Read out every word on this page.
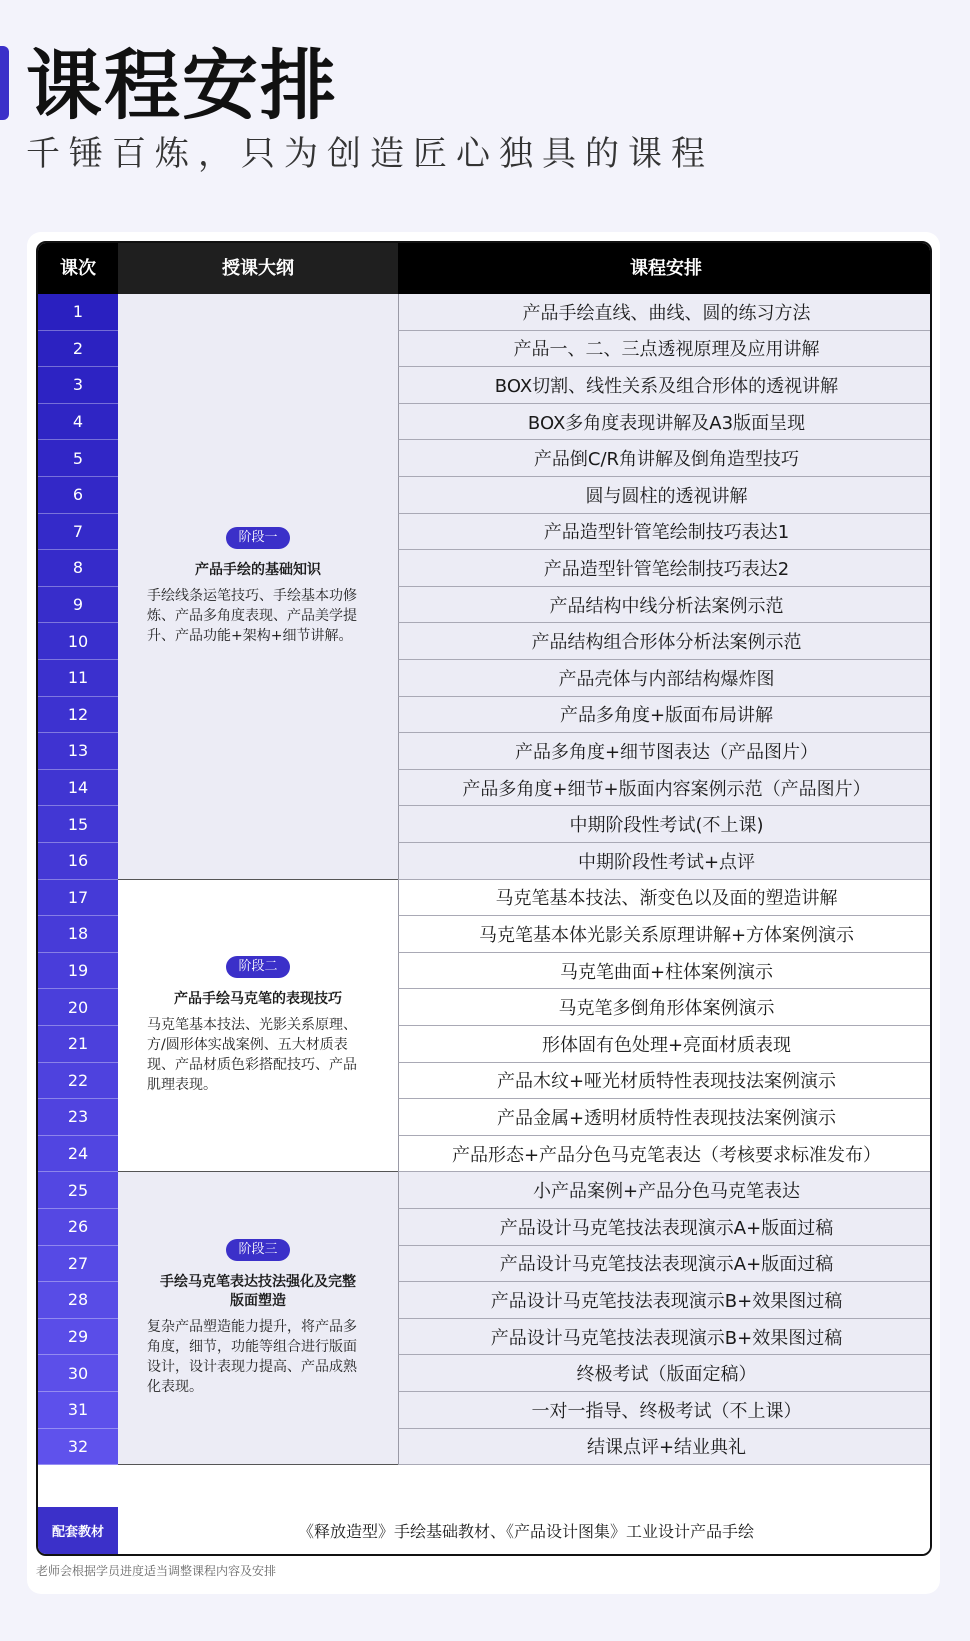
课程安排
千锤百炼，只为创造匠心独具的课程
课次	授课大纲	课程安排
1	产品手绘直线、曲线、圆的练习方法
2	产品一、二、三点透视原理及应用讲解
3	BOX切割、线性关系及组合形体的透视讲解
4	BOX多角度表现讲解及A3版面呈现
5	产品倒C/R角讲解及倒角造型技巧
6	圆与圆柱的透视讲解
7	产品造型针管笔绘制技巧表达1
8	产品造型针管笔绘制技巧表达2
9	产品结构中线分析法案例示范
10	产品结构组合形体分析法案例示范
11	产品壳体与内部结构爆炸图
12	产品多角度+版面布局讲解
13	产品多角度+细节图表达（产品图片）
14	产品多角度+细节+版面内容案例示范（产品图片）
15	中期阶段性考试(不上课)
16	中期阶段性考试+点评
17	马克笔基本技法、渐变色以及面的塑造讲解
18	马克笔基本体光影关系原理讲解+方体案例演示
19	马克笔曲面+柱体案例演示
20	马克笔多倒角形体案例演示
21	形体固有色处理+亮面材质表现
22	产品木纹+哑光材质特性表现技法案例演示
23	产品金属+透明材质特性表现技法案例演示
24	产品形态+产品分色马克笔表达（考核要求标准发布）
25	小产品案例+产品分色马克笔表达
26	产品设计马克笔技法表现演示A+版面过稿
27	产品设计马克笔技法表现演示A+版面过稿
28	产品设计马克笔技法表现演示B+效果图过稿
29	产品设计马克笔技法表现演示B+效果图过稿
30	终极考试（版面定稿）
31	一对一指导、终极考试（不上课）
32	结课点评+结业典礼
阶段一
产品手绘的基础知识
手绘线条运笔技巧、手绘基本功修炼、产品多角度表现、产品美学提升、产品功能+架构+细节讲解。
阶段二
产品手绘马克笔的表现技巧
马克笔基本技法、光影关系原理、方/圆形体实战案例、五大材质表现、产品材质色彩搭配技巧、产品肌理表现。
阶段三
手绘马克笔表达技法强化及完整版面塑造
复杂产品塑造能力提升，将产品多角度，细节，功能等组合进行版面设计，设计表现力提高、产品成熟化表现。
配套教材	《释放造型》手绘基础教材、《产品设计图集》工业设计产品手绘
老师会根据学员进度适当调整课程内容及安排
